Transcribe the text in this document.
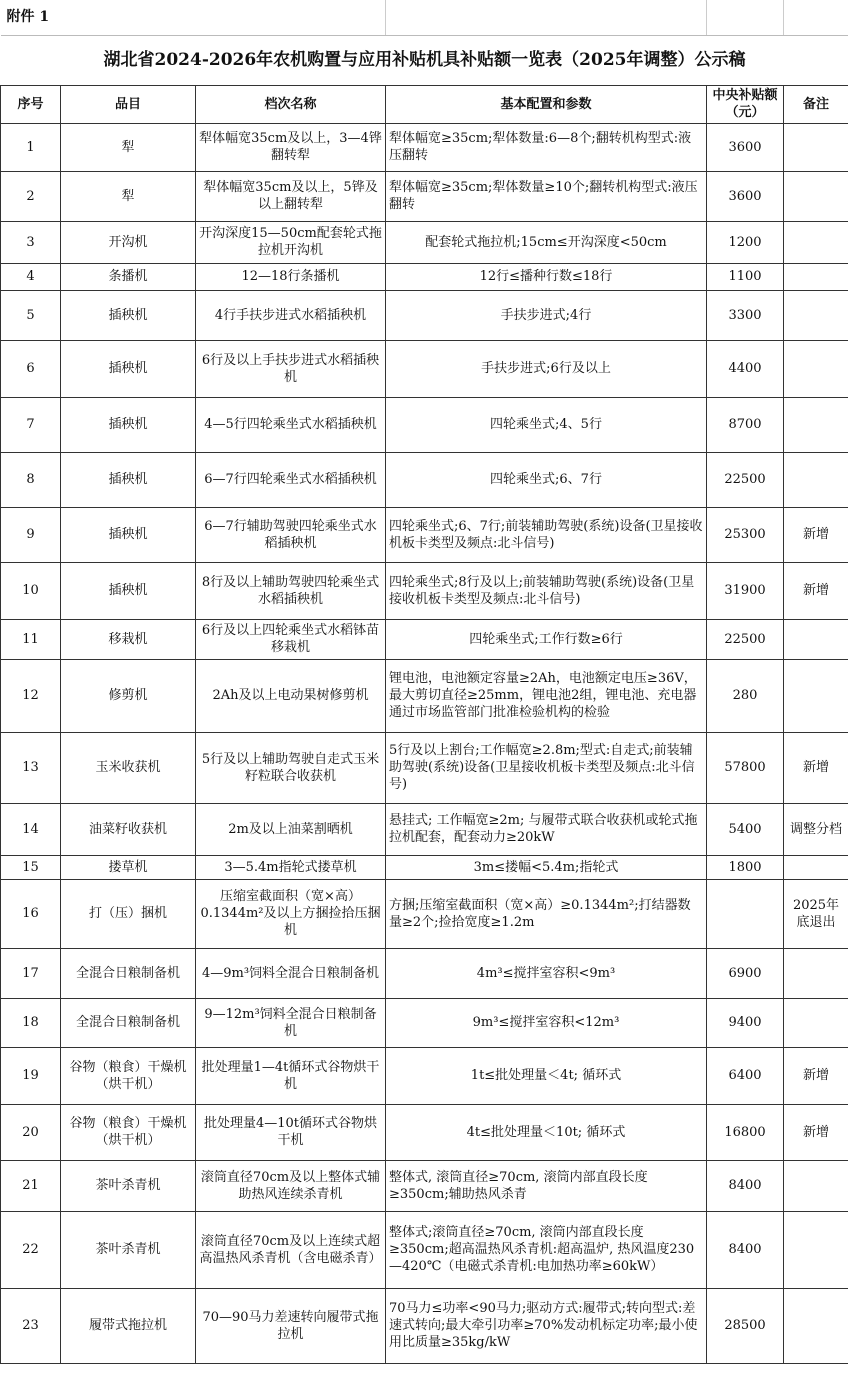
附件 1					
湖北省2024-2026年农机购置与应用补贴机具补贴额一览表（2025年调整）公示稿					
序号	品目	档次名称	基本配置和参数	中央补贴额（元）	备注
1	犁	犁体幅宽35cm及以上，3—4铧翻转犁	犁体幅宽≥35cm;犁体数量:6—8个;翻转机构型式:液压翻转	3600	
2	犁	犁体幅宽35cm及以上，5铧及以上翻转犁	犁体幅宽≥35cm;犁体数量≥10个;翻转机构型式:液压翻转	3600	
3	开沟机	开沟深度15—50cm配套轮式拖拉机开沟机	配套轮式拖拉机;15cm≤开沟深度<50cm	1200	
4	条播机	12—18行条播机	12行≤播种行数≤18行	1100	
5	插秧机	4行手扶步进式水稻插秧机	手扶步进式;4行	3300	
6	插秧机	6行及以上手扶步进式水稻插秧机	手扶步进式;6行及以上	4400	
7	插秧机	4—5行四轮乘坐式水稻插秧机	四轮乘坐式;4、5行	8700	
8	插秧机	6—7行四轮乘坐式水稻插秧机	四轮乘坐式;6、7行	22500	
9	插秧机	6—7行辅助驾驶四轮乘坐式水稻插秧机	四轮乘坐式;6、7行;前装辅助驾驶(系统)设备(卫星接收机板卡类型及频点:北斗信号)	25300	新增
10	插秧机	8行及以上辅助驾驶四轮乘坐式水稻插秧机	四轮乘坐式;8行及以上;前装辅助驾驶(系统)设备(卫星接收机板卡类型及频点:北斗信号)	31900	新增
11	移栽机	6行及以上四轮乘坐式水稻钵苗移栽机	四轮乘坐式;工作行数≥6行	22500	
12	修剪机	2Ah及以上电动果树修剪机	锂电池，电池额定容量≥2Ah，电池额定电压≥36V，最大剪切直径≥25mm，锂电池2组，锂电池、充电器通过市场监管部门批准检验机构的检验	280	
13	玉米收获机	5行及以上辅助驾驶自走式玉米籽粒联合收获机	5行及以上割台;工作幅宽≥2.8m;型式:自走式;前装辅助驾驶(系统)设备(卫星接收机板卡类型及频点:北斗信号)	57800	新增
14	油菜籽收获机	2m及以上油菜割晒机	悬挂式; 工作幅宽≥2m; 与履带式联合收获机或轮式拖拉机配套，配套动力≥20kW	5400	调整分档
15	搂草机	3—5.4m指轮式搂草机	3m≤搂幅<5.4m;指轮式	1800	
16	打（压）捆机	压缩室截面积（宽×高）0.1344m²及以上方捆捡拾压捆机	方捆;压缩室截面积（宽×高）≥0.1344m²;打结器数量≥2个;捡拾宽度≥1.2m		2025年底退出
17	全混合日粮制备机	4—9m³饲料全混合日粮制备机	4m³≤搅拌室容积<9m³	6900	
18	全混合日粮制备机	9—12m³饲料全混合日粮制备机	9m³≤搅拌室容积<12m³	9400	
19	谷物（粮食）干燥机（烘干机）	批处理量1—4t循环式谷物烘干机	1t≤批处理量＜4t; 循环式	6400	新增
20	谷物（粮食）干燥机（烘干机）	批处理量4—10t循环式谷物烘干机	4t≤批处理量＜10t; 循环式	16800	新增
21	茶叶杀青机	滚筒直径70cm及以上整体式辅助热风连续杀青机	整体式, 滚筒直径≥70cm, 滚筒内部直段长度≥350cm;辅助热风杀青	8400	
22	茶叶杀青机	滚筒直径70cm及以上连续式超高温热风杀青机（含电磁杀青）	整体式;滚筒直径≥70cm, 滚筒内部直段长度≥350cm;超高温热风杀青机:超高温炉, 热风温度230—420℃（电磁式杀青机:电加热功率≥60kW）	8400	
23	履带式拖拉机	70—90马力差速转向履带式拖拉机	70马力≤功率<90马力;驱动方式:履带式;转向型式:差速式转向;最大牵引功率≥70%发动机标定功率;最小使用比质量≥35kg/kW	28500	
